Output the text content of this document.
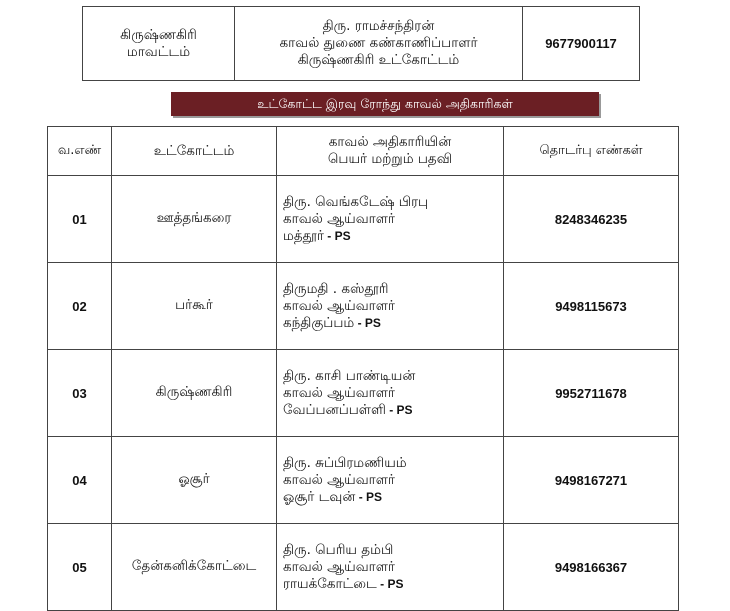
கிருஷ்ணகிரி
மாவட்டம்

திரு. ராமச்சந்திரன்
காவல் துணை கண்காணிப்பாளர்
கிருஷ்ணகிரி உட்கோட்டம்
	9677900117
உட்கோட்ட இரவு ரோந்து காவல் அதிகாரிகள்
வ.எண்	உட்கோட்டம்	காவல் அதிகாரியின்
பெயர் மற்றும் பதவி	தொடர்பு எண்கள்
01	ஊத்தங்கரை	திரு. வெங்கடேஷ் பிரபு
காவல் ஆய்வாளர்
மத்தூர் - PS	8248346235
02	பர்கூர்	திருமதி . கஸ்தூரி
காவல் ஆய்வாளர்
கந்திகுப்பம் - PS	9498115673
03	கிருஷ்ணகிரி	திரு. காசி பாண்டியன்
காவல் ஆய்வாளர்
வேப்பனப்பள்ளி - PS	9952711678
04	ஓசூர்	திரு. சுப்பிரமணியம்
காவல் ஆய்வாளர்
ஓசூர் டவுன் - PS	9498167271
05	தேன்கனிக்கோட்டை	திரு. பெரிய தம்பி
காவல் ஆய்வாளர்
ராயக்கோட்டை - PS	9498166367
